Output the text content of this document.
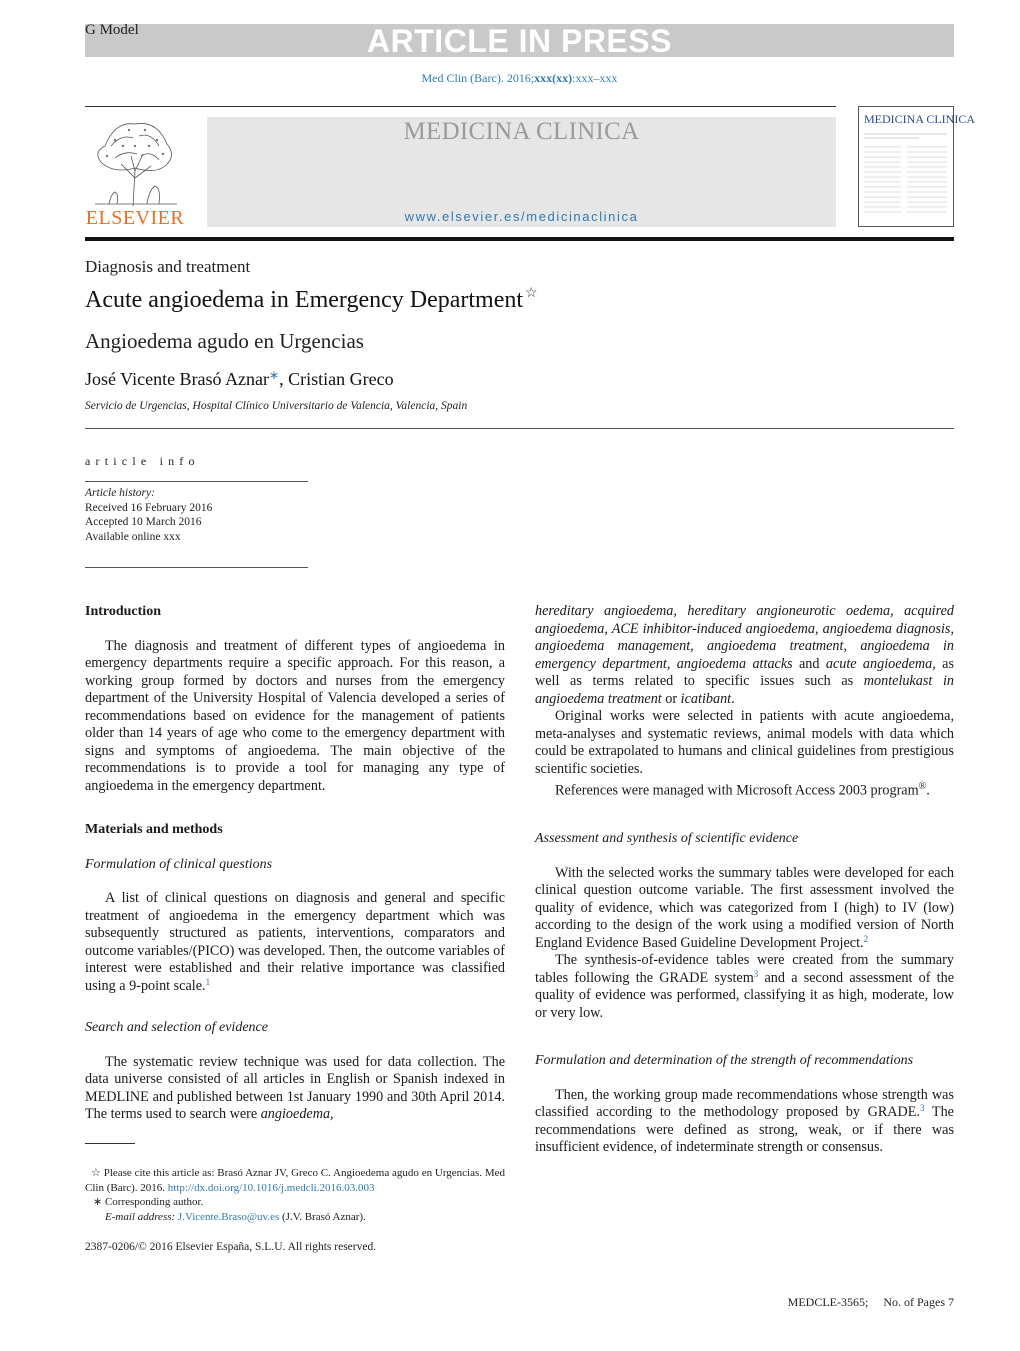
ARTICLE IN PRESS
G Model
Med Clin (Barc). 2016;xxx(xx):xxx–xxx
ELSEVIER
MEDICINA CLINICA
www.elsevier.es/medicinaclinica
MEDICINA CLINICA
Diagnosis and treatment
Acute angioedema in Emergency Department ☆
Angioedema agudo en Urgencias
José Vicente Brasó Aznar∗, Cristian Greco
Servicio de Urgencias, Hospital Clínico Universitario de Valencia, Valencia, Spain
article info
Article history:
Received 16 February 2016
Accepted 10 March 2016
Available online xxx
Introduction
The diagnosis and treatment of different types of angioedema in emergency departments require a specific approach. For this reason, a working group formed by doctors and nurses from the emergency department of the University Hospital of Valencia developed a series of recommendations based on evidence for the management of patients older than 14 years of age who come to the emergency department with signs and symptoms of angioedema. The main objective of the recommendations is to provide a tool for managing any type of angioedema in the emergency department.
Materials and methods
Formulation of clinical questions
A list of clinical questions on diagnosis and general and specific treatment of angioedema in the emergency department which was subsequently structured as patients, interventions, comparators and outcome variables/(PICO) was developed. Then, the outcome variables of interest were established and their relative importance was classified using a 9-point scale.$^1$
Search and selection of evidence
The systematic review technique was used for data collection. The data universe consisted of all articles in English or Spanish indexed in MEDLINE and published between 1st January 1990 and 30th April 2014. The terms used to search were angioedema,
hereditary angioedema, hereditary angioneurotic oedema, acquired angioedema, ACE inhibitor-induced angioedema, angioedema diagnosis, angioedema management, angioedema treatment, angioedema in emergency department, angioedema attacks and acute angioedema, as well as terms related to specific issues such as montelukast in angioedema treatment or icatibant.
Original works were selected in patients with acute angioedema, meta-analyses and systematic reviews, animal models with data which could be extrapolated to humans and clinical guidelines from prestigious scientific societies.
References were managed with Microsoft Access 2003 program®.
Assessment and synthesis of scientific evidence
With the selected works the summary tables were developed for each clinical question outcome variable. The first assessment involved the quality of evidence, which was categorized from I (high) to IV (low) according to the design of the work using a modified version of North England Evidence Based Guideline Development Project.$^2$
The synthesis-of-evidence tables were created from the summary tables following the GRADE system$^3$ and a second assessment of the quality of evidence was performed, classifying it as high, moderate, low or very low.
Formulation and determination of the strength of recommendations
Then, the working group made recommendations whose strength was classified according to the methodology proposed by GRADE.$^3$ The recommendations were defined as strong, weak, or if there was insufficient evidence, of indeterminate strength or consensus.
☆ Please cite this article as: Brasó Aznar JV, Greco C. Angioedema agudo en Urgencias. Med Clin (Barc). 2016. http://dx.doi.org/10.1016/j.medcli.2016.03.003
∗ Corresponding author.
E-mail address: J.Vicente.Braso@uv.es (J.V. Brasó Aznar).
2387-0206/© 2016 Elsevier España, S.L.U. All rights reserved.
MEDCLE-3565;     No. of Pages 7
